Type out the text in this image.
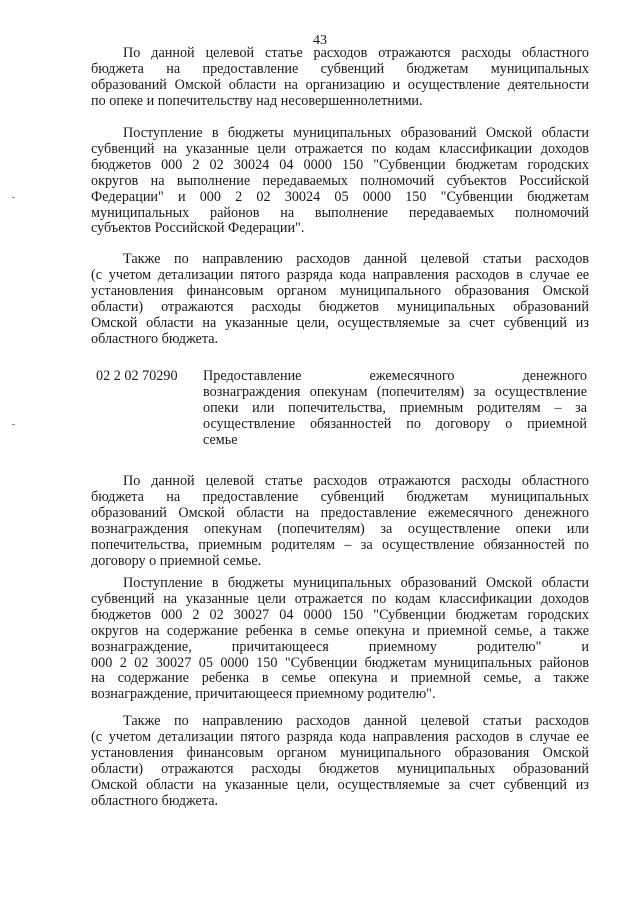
43
По данной целевой статье расходов отражаются расходы областного
бюджета на предоставление субвенций бюджетам муниципальных
образований Омской области на организацию и осуществление деятельности
по опеке и попечительству над несовершеннолетними.
Поступление в бюджеты муниципальных образований Омской области
субвенций на указанные цели отражается по кодам классификации доходов
бюджетов 000 2 02 30024 04 0000 150 "Субвенции бюджетам городских
округов на выполнение передаваемых полномочий субъектов Российской
Федерации" и 000 2 02 30024 05 0000 150 "Субвенции бюджетам
муниципальных районов на выполнение передаваемых полномочий
субъектов Российской Федерации".
Также по направлению расходов данной целевой статьи расходов
(с учетом детализации пятого разряда кода направления расходов в случае ее
установления финансовым органом муниципального образования Омской
области) отражаются расходы бюджетов муниципальных образований
Омской области на указанные цели, осуществляемые за счет субвенций из
областного бюджета.
02 2 02 70290 Предоставление ежемесячного денежного
вознаграждения опекунам (попечителям) за осуществление
опеки или попечительства, приемным родителям – за
осуществление обязанностей по договору о приемной
семье
По данной целевой статье расходов отражаются расходы областного
бюджета на предоставление субвенций бюджетам муниципальных
образований Омской области на предоставление ежемесячного денежного
вознаграждения опекунам (попечителям) за осуществление опеки или
попечительства, приемным родителям – за осуществление обязанностей по
договору о приемной семье.
Поступление в бюджеты муниципальных образований Омской области
субвенций на указанные цели отражается по кодам классификации доходов
бюджетов 000 2 02 30027 04 0000 150 "Субвенции бюджетам городских
округов на содержание ребенка в семье опекуна и приемной семье, а также
вознаграждение, причитающееся приемному родителю" и
000 2 02 30027 05 0000 150 "Субвенции бюджетам муниципальных районов
на содержание ребенка в семье опекуна и приемной семье, а также
вознаграждение, причитающееся приемному родителю".
Также по направлению расходов данной целевой статьи расходов
(с учетом детализации пятого разряда кода направления расходов в случае ее
установления финансовым органом муниципального образования Омской
области) отражаются расходы бюджетов муниципальных образований
Омской области на указанные цели, осуществляемые за счет субвенций из
областного бюджета.
